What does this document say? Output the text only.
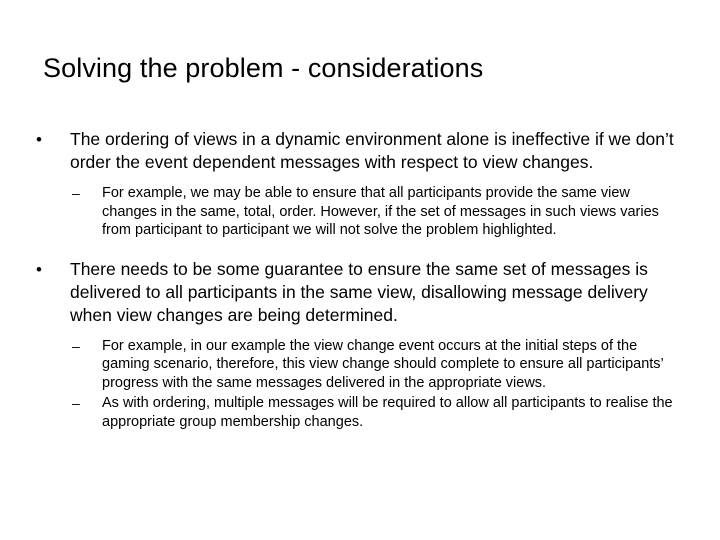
Solving the problem - considerations
•	The ordering of views in a dynamic environment alone is ineffective if we don’t order the event dependent messages with respect to view changes.
–	For example, we may be able to ensure that all participants provide the same view changes in the same, total, order. However, if the set of messages in such views varies from participant to participant we will not solve the problem highlighted.
•	There needs to be some guarantee to ensure the same set of messages is delivered to all participants in the same view, disallowing message delivery when view changes are being determined.
–	For example, in our example the view change event occurs at the initial steps of the gaming scenario, therefore, this view change should complete to ensure all participants’ progress with the same messages delivered in the appropriate views.
–	As with ordering, multiple messages will be required to allow all participants to realise the appropriate group membership changes.
